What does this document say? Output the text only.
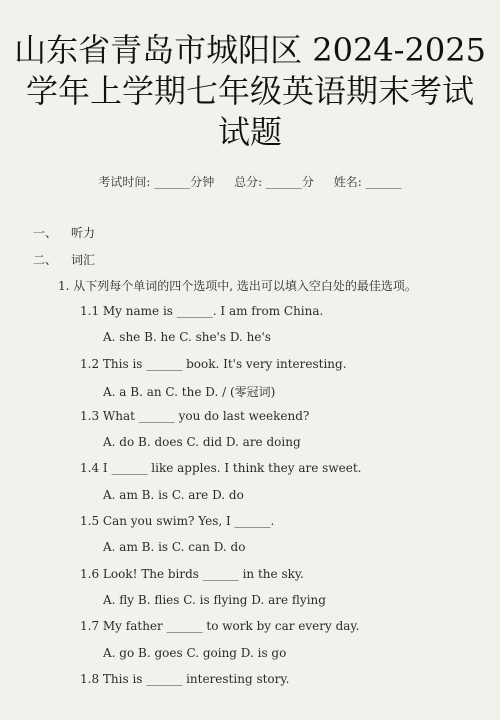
山东省青岛市城阳区 2024-2025
学年上学期七年级英语期末考试
试题
考试时间: ______分钟 总分: ______分 姓名: ______
一、 听力
二、 词汇
1. 从下列每个单词的四个选项中, 选出可以填入空白处的最佳选项。
1.1 My name is ______. I am from China.
A. she B. he C. she's D. he's
1.2 This is ______ book. It's very interesting.
A. a B. an C. the D. / (零冠词)
1.3 What ______ you do last weekend?
A. do B. does C. did D. are doing
1.4 I ______ like apples. I think they are sweet.
A. am B. is C. are D. do
1.5 Can you swim? Yes, I ______.
A. am B. is C. can D. do
1.6 Look! The birds ______ in the sky.
A. fly B. flies C. is flying D. are flying
1.7 My father ______ to work by car every day.
A. go B. goes C. going D. is go
1.8 This is ______ interesting story.
